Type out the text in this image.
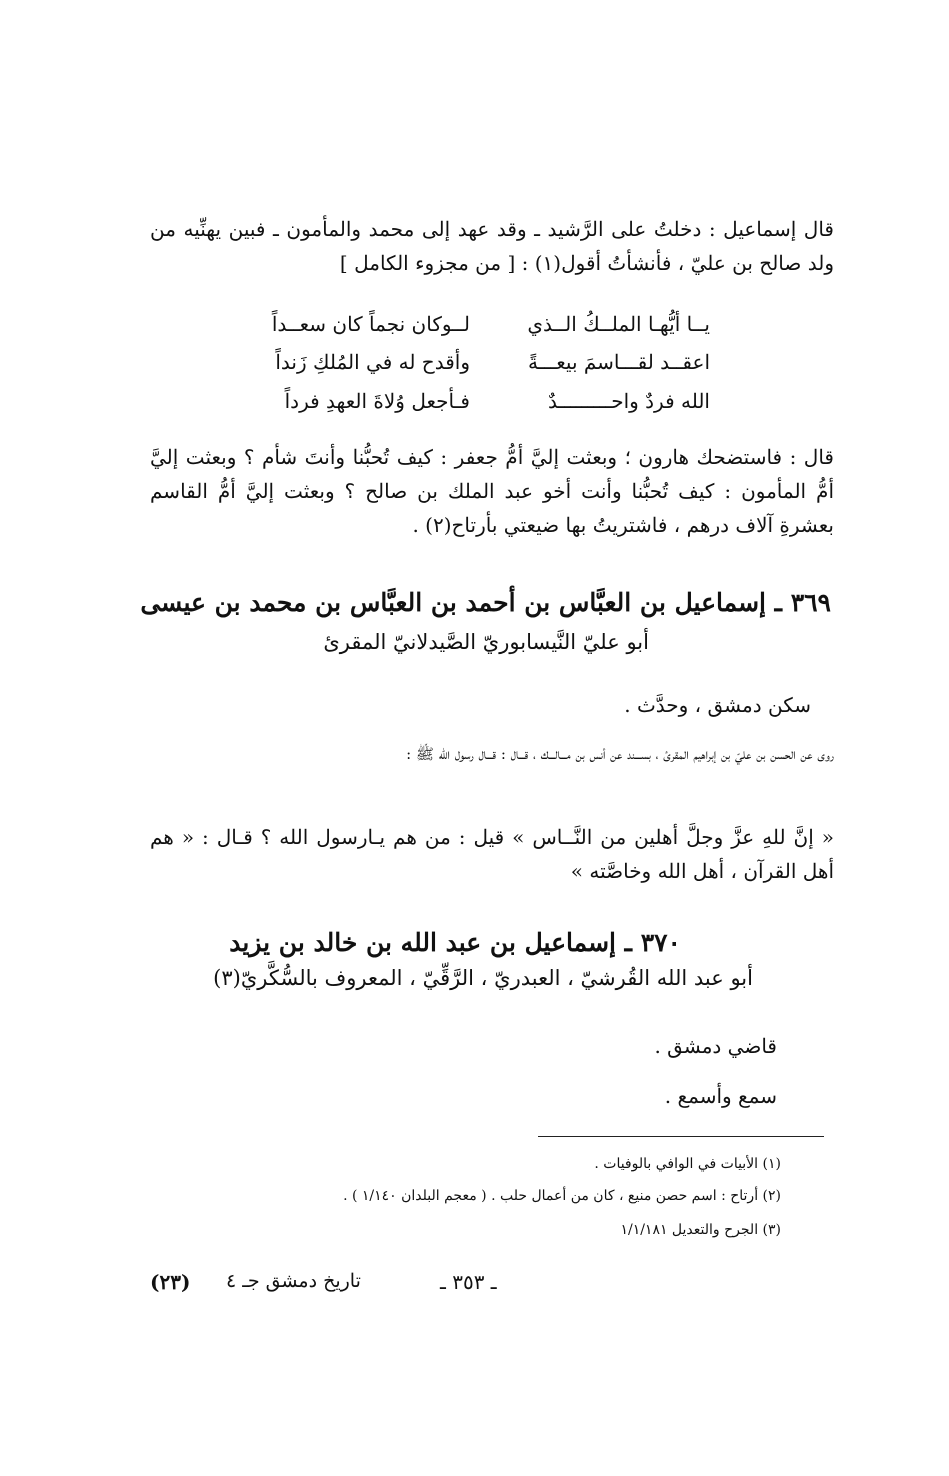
قال إسماعيل : دخلتُ على الرَّشيد ـ وقد عهد إلى محمد والمأمون ـ فبين يهنِّيه من ولد صالح بن عليّ ، فأنشأتُ أقول(١) : [ من مجزوء الكامل ]
يــا أيُّهـا الملــكُ الــذي
لــوكان نجماً كان سعــداً
اعقــد لقـــاسمَ بيعـــةً
وأقدح له في المُلكِ زَنداً
الله فردٌ واحـــــــــدٌ
فـأجعل وُلاةَ العهدِ فرداً
قال : فاستضحك هارون ؛ وبعثت إليَّ أمُّ جعفر : كيف تُحبُّنا وأنتَ شأم ؟ وبعثت إليَّ أمُّ المأمون : كيف تُحبُّنا وأنت أخو عبد الملك بن صالح ؟ وبعثت إليَّ أمُّ القاسم بعشرةِ آلاف درهم ، فاشتريتُ بها ضيعتي بأرتاح(٢) .
٣٦٩ ـ إسماعيل بن العبَّاس بن أحمد بن العبَّاس بن محمد بن عيسى
أبو عليّ النَّيسابوريّ الصَّيدلانيّ المقرئ
سكن دمشق ، وحدَّث .
روى عن الحسن بن عليّ بن إبراهيم المقرئ ، بســـند عن أنس بن مـــالـــك ، قـــال : قـــال رسول الله ﷺ :
« إنَّ للهِ عزَّ وجلَّ أهلين من النَّــاس » قيل : من هم يـارسول الله ؟ قـال : « هم أهل القرآن ، أهل الله وخاصَّته »
٣٧٠ ـ إسماعيل بن عبد الله بن خالد بن يزيد
أبو عبد الله القُرشيّ ، العبدريّ ، الرَّقِّيّ ، المعروف بالسُّكَّريّ(٣)
قاضي دمشق .
سمع وأسمع .
(١) الأبيات في الوافي بالوفيات .
(٢) أرتاح : اسم حصن منيع ، كان من أعمال حلب . ( معجم البلدان ١/١٤٠ ) .
(٣) الجرح والتعديل ١/١/١٨١
ـ ٣٥٣ ـ
تاريخ دمشق جـ ٤
(٢٣)
